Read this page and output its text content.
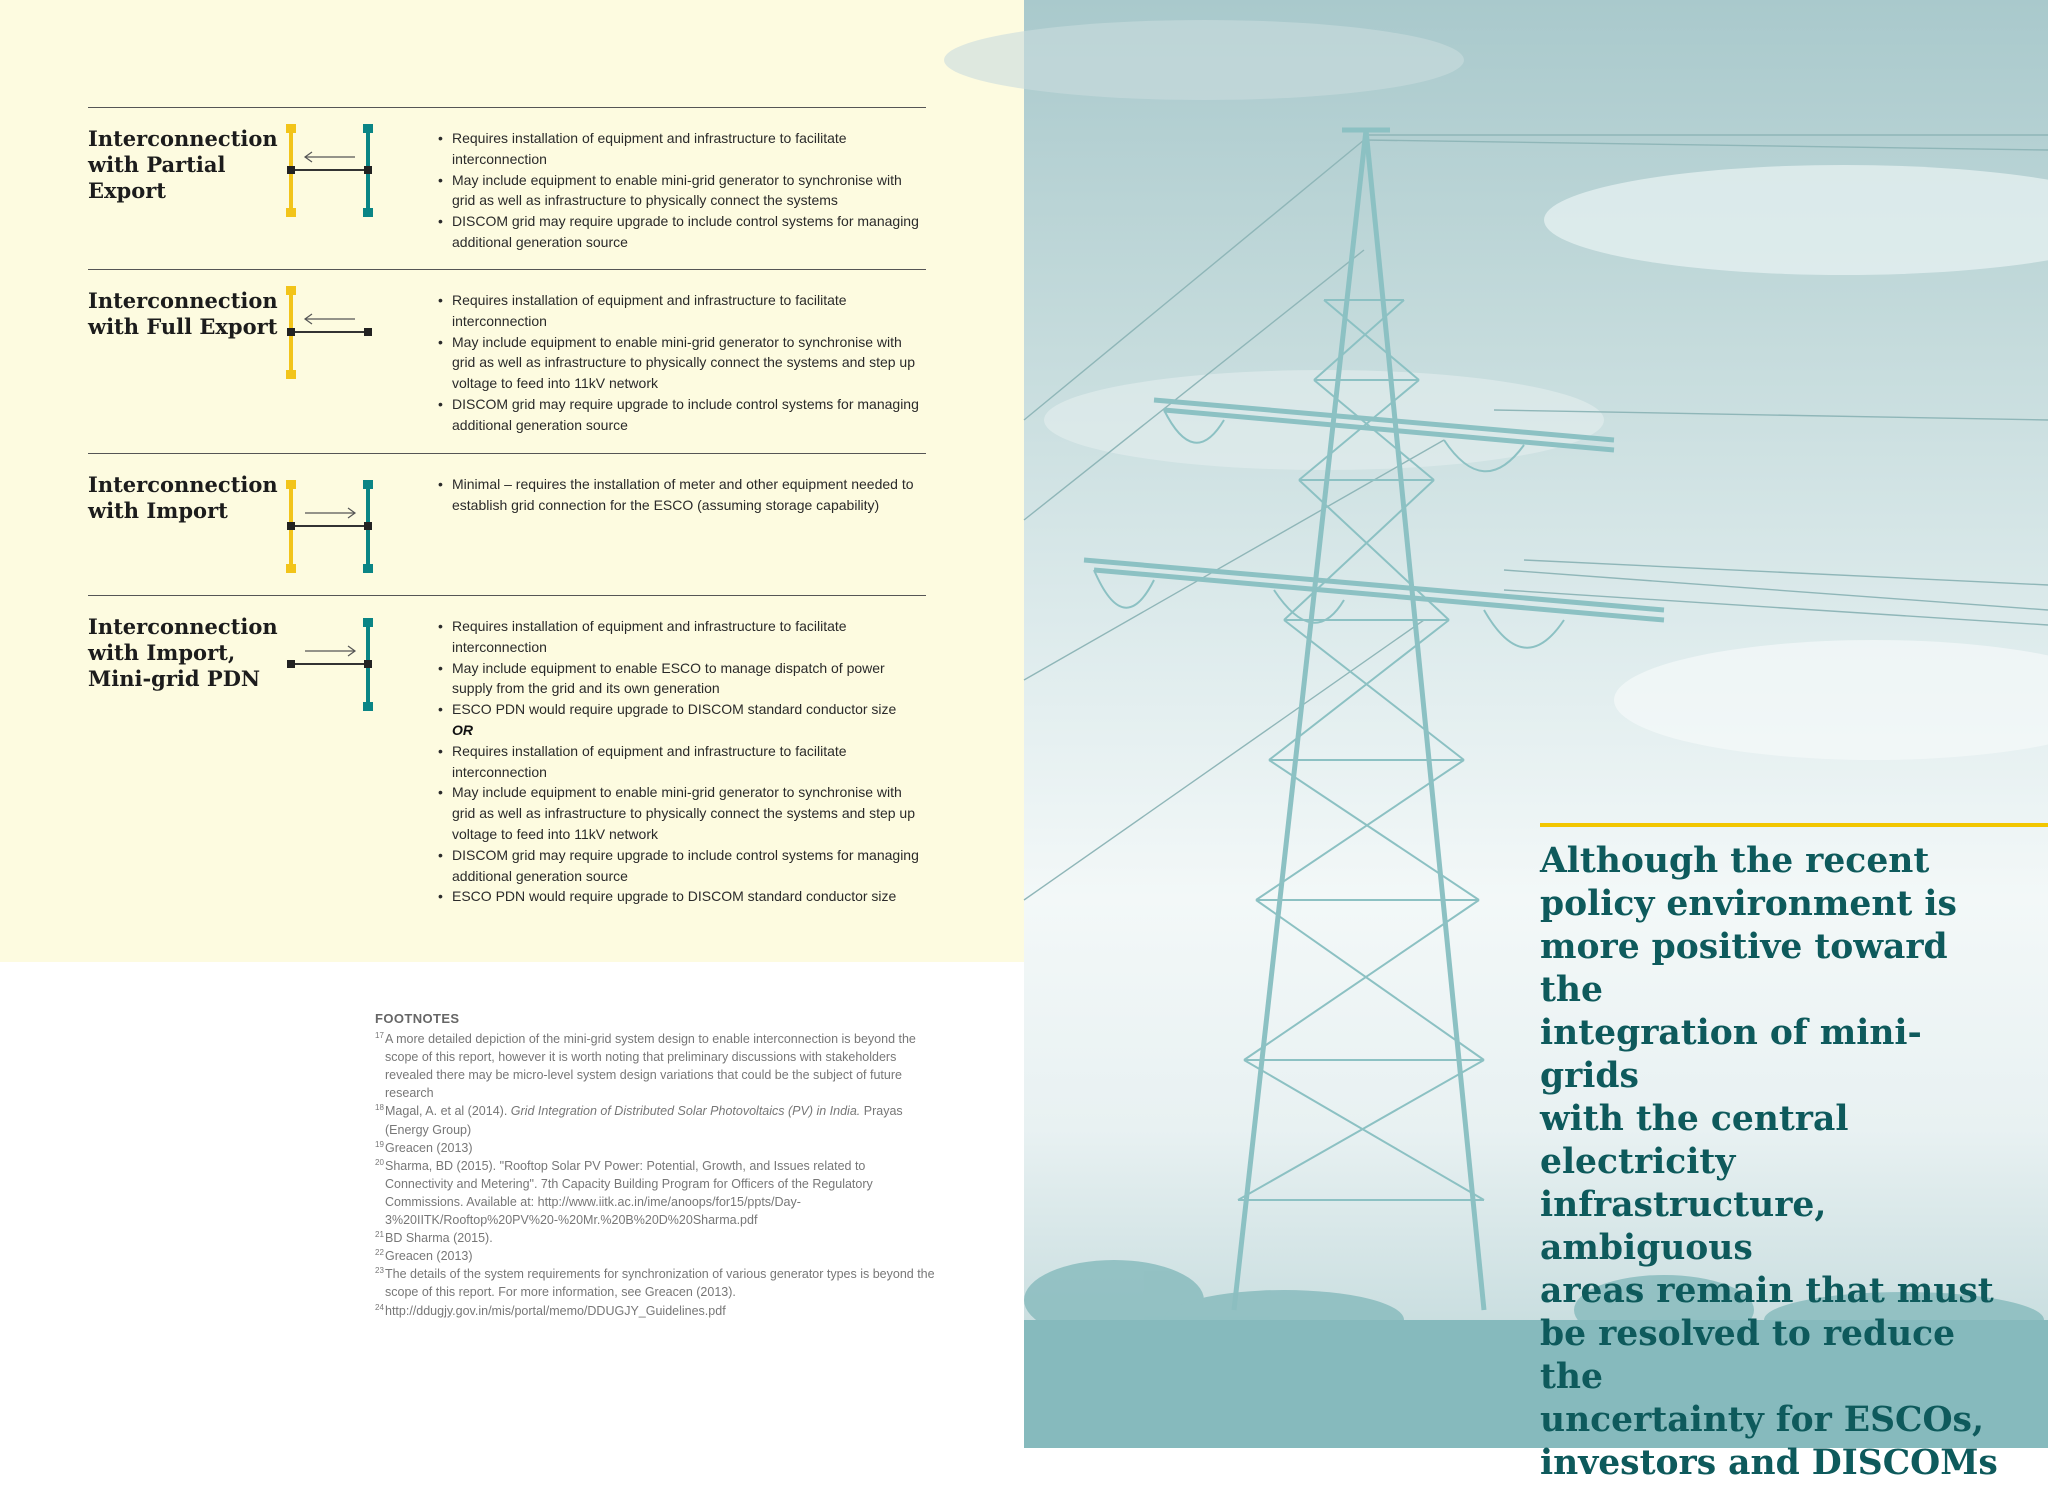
Interconnection
with Partial
Export
• Requires installation of equipment and infrastructure to facilitate interconnection
• May include equipment to enable mini-grid generator to synchronise with grid as well as infrastructure to physically connect the systems
• DISCOM grid may require upgrade to include control systems for managing additional generation source
Interconnection
with Full Export
• Requires installation of equipment and infrastructure to facilitate interconnection
• May include equipment to enable mini-grid generator to synchronise with grid as well as infrastructure to physically connect the systems and step up voltage to feed into 11kV network
• DISCOM grid may require upgrade to include control systems for managing additional generation source
Interconnection
with Import
• Minimal – requires the installation of meter and other equipment needed to establish grid connection for the ESCO (assuming storage capability)
Interconnection
with Import,
Mini-grid PDN
• Requires installation of equipment and infrastructure to facilitate interconnection
• May include equipment to enable ESCO to manage dispatch of power supply from the grid and its own generation
• ESCO PDN would require upgrade to DISCOM standard conductor size
OR
• Requires installation of equipment and infrastructure to facilitate interconnection
• May include equipment to enable mini-grid generator to synchronise with grid as well as infrastructure to physically connect the systems and step up voltage to feed into 11kV network
• DISCOM grid may require upgrade to include control systems for managing additional generation source
• ESCO PDN would require upgrade to DISCOM standard conductor size
FOOTNOTES
17 A more detailed depiction of the mini-grid system design to enable interconnection is beyond the scope of this report, however it is worth noting that preliminary discussions with stakeholders revealed there may be micro-level system design variations that could be the subject of future research
18 Magal, A. et al (2014). Grid Integration of Distributed Solar Photovoltaics (PV) in India. Prayas (Energy Group)
19 Greacen (2013)
20 Sharma, BD (2015). "Rooftop Solar PV Power: Potential, Growth, and Issues related to Connectivity and Metering". 7th Capacity Building Program for Officers of the Regulatory Commissions. Available at: http://www.iitk.ac.in/ime/anoops/for15/ppts/Day-3%20IITK/Rooftop%20PV%20-%20Mr.%20B%20D%20Sharma.pdf
21 BD Sharma (2015).
22 Greacen (2013)
23 The details of the system requirements for synchronization of various generator types is beyond the scope of this report. For more information, see Greacen (2013).
24 http://ddugjy.gov.in/mis/portal/memo/DDUGJY_Guidelines.pdf
Although the recent
policy environment is
more positive toward the
integration of mini-grids
with the central electricity
infrastructure, ambiguous
areas remain that must
be resolved to reduce the
uncertainty for ESCOs,
investors and DISCOMs
